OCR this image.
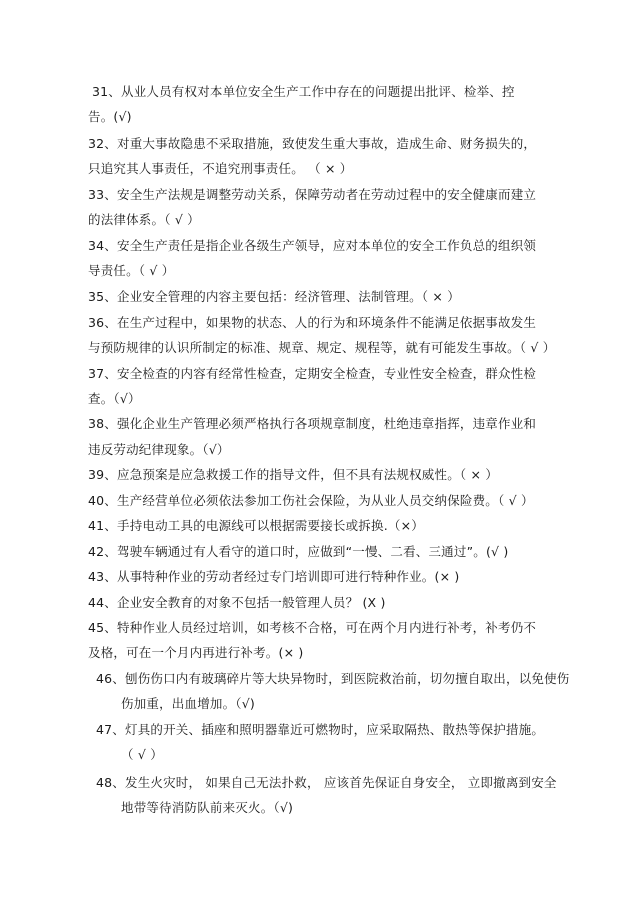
31、从业人员有权对本单位安全生产工作中存在的问题提出批评、检举、控
告。(√)
32、对重大事故隐患不采取措施，致使发生重大事故，造成生命、财务损失的，
只追究其人事责任，不追究刑事责任。 （ × ）
33、安全生产法规是调整劳动关系，保障劳动者在劳动过程中的安全健康而建立
的法律体系。（ √ ）
34、安全生产责任是指企业各级生产领导，应对本单位的安全工作负总的组织领
导责任。（ √ ）
35、企业安全管理的内容主要包括：经济管理、法制管理。（ × ）
36、在生产过程中，如果物的状态、人的行为和环境条件不能满足依据事故发生
与预防规律的认识所制定的标准、规章、规定、规程等，就有可能发生事故。（ √ ）
37、安全检查的内容有经常性检查，定期安全检查，专业性安全检查，群众性检
查。（√）
38、强化企业生产管理必须严格执行各项规章制度，杜绝违章指挥，违章作业和
违反劳动纪律现象。（√）
39、应急预案是应急救援工作的指导文件，但不具有法规权威性。（ × ）
40、生产经营单位必须依法参加工伤社会保险，为从业人员交纳保险费。（ √ ）
41、手持电动工具的电源线可以根据需要接长或拆换.（×）
42、驾驶车辆通过有人看守的道口时，应做到“一慢、二看、三通过”。(√ )
43、从事特种作业的劳动者经过专门培训即可进行特种作业。(× )
44、企业安全教育的对象不包括一般管理人员？ (X )
45、特种作业人员经过培训，如考核不合格，可在两个月内进行补考，补考仍不
及格，可在一个月内再进行补考。(× )
46、刨伤伤口内有玻璃碎片等大块异物时，到医院救治前，切勿擅自取出，以免使伤
伤加重，出血增加。（√)
47、灯具的开关、插座和照明器靠近可燃物时，应采取隔热、散热等保护措施。
（ √ ）
48、发生火灾时， 如果自己无法扑救， 应该首先保证自身安全， 立即撤离到安全
地带等待消防队前来灭火。（√)
